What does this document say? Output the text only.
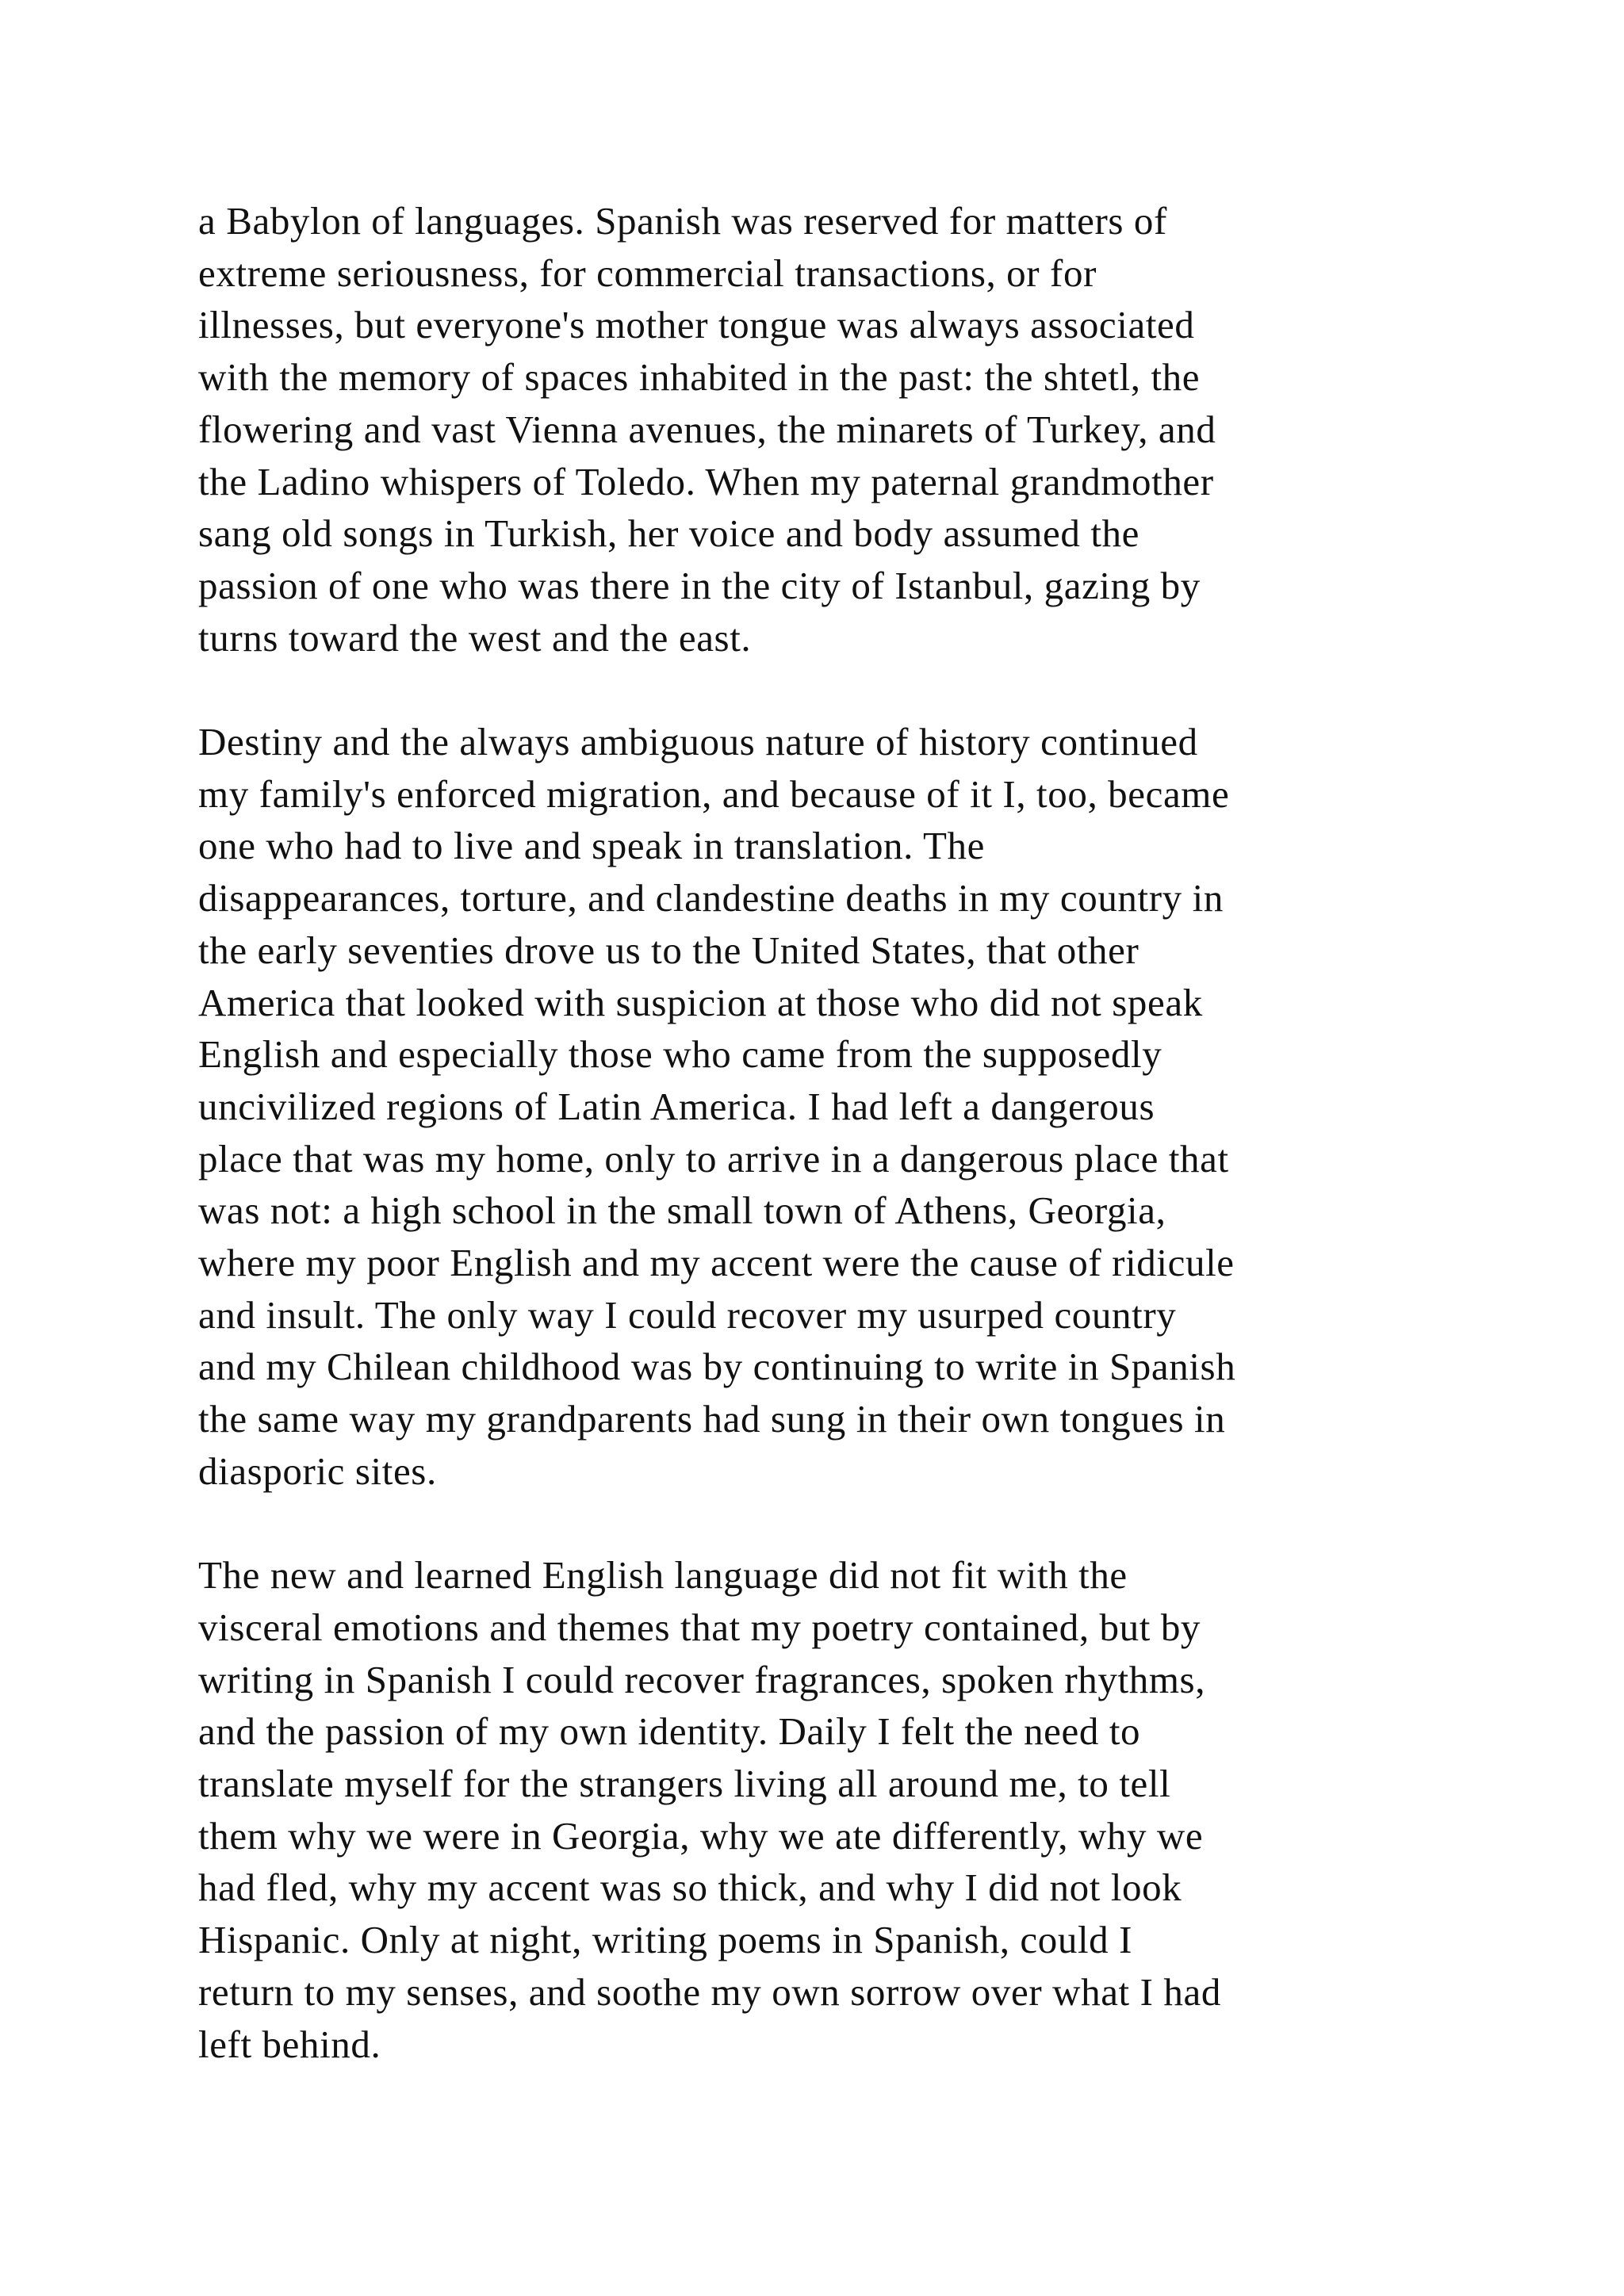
a Babylon of languages. Spanish was reserved for matters of
extreme seriousness, for commercial transactions, or for
illnesses, but everyone's mother tongue was always associated
with the memory of spaces inhabited in the past: the shtetl, the
flowering and vast Vienna avenues, the minarets of Turkey, and
the Ladino whispers of Toledo. When my paternal grandmother
sang old songs in Turkish, her voice and body assumed the
passion of one who was there in the city of Istanbul, gazing by
turns toward the west and the east.

Destiny and the always ambiguous nature of history continued
my family's enforced migration, and because of it I, too, became
one who had to live and speak in translation. The
disappearances, torture, and clandestine deaths in my country in
the early seventies drove us to the United States, that other
America that looked with suspicion at those who did not speak
English and especially those who came from the supposedly
uncivilized regions of Latin America. I had left a dangerous
place that was my home, only to arrive in a dangerous place that
was not: a high school in the small town of Athens, Georgia,
where my poor English and my accent were the cause of ridicule
and insult. The only way I could recover my usurped country
and my Chilean childhood was by continuing to write in Spanish
the same way my grandparents had sung in their own tongues in
diasporic sites.

The new and learned English language did not fit with the
visceral emotions and themes that my poetry contained, but by
writing in Spanish I could recover fragrances, spoken rhythms,
and the passion of my own identity. Daily I felt the need to
translate myself for the strangers living all around me, to tell
them why we were in Georgia, why we ate differently, why we
had fled, why my accent was so thick, and why I did not look
Hispanic. Only at night, writing poems in Spanish, could I
return to my senses, and soothe my own sorrow over what I had
left behind.
